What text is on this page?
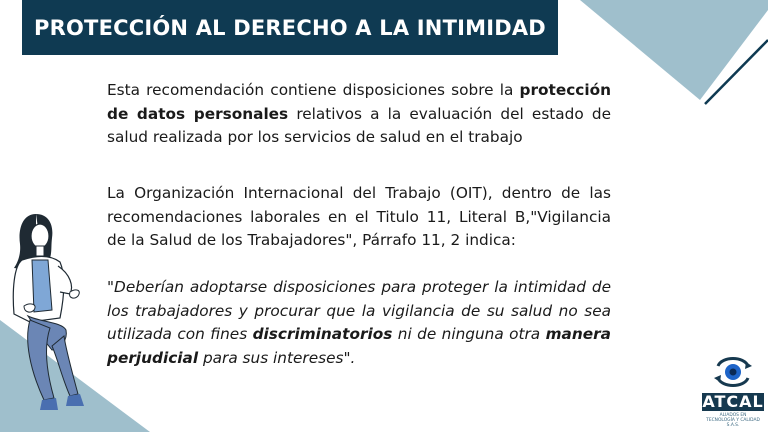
PROTECCIÓN AL DERECHO A LA INTIMIDAD

Esta recomendación contiene disposiciones sobre la protección de datos personales relativos a la evaluación del estado de salud realizada por los servicios de salud en el trabajo

La Organización Internacional del Trabajo (OIT), dentro de las recomendaciones laborales en el Titulo 11, Literal B,"Vigilancia de la Salud de los Trabajadores", Párrafo 11, 2 indica:

"Deberían adoptarse disposiciones para proteger la intimidad de los trabajadores y procurar que la vigilancia de su salud no sea utilizada con fines discriminatorios ni de ninguna otra manera perjudicial para sus intereses".

ATCAL
ALIADOS EN
TECNOLOGÍA Y CALIDAD S.A.S.
